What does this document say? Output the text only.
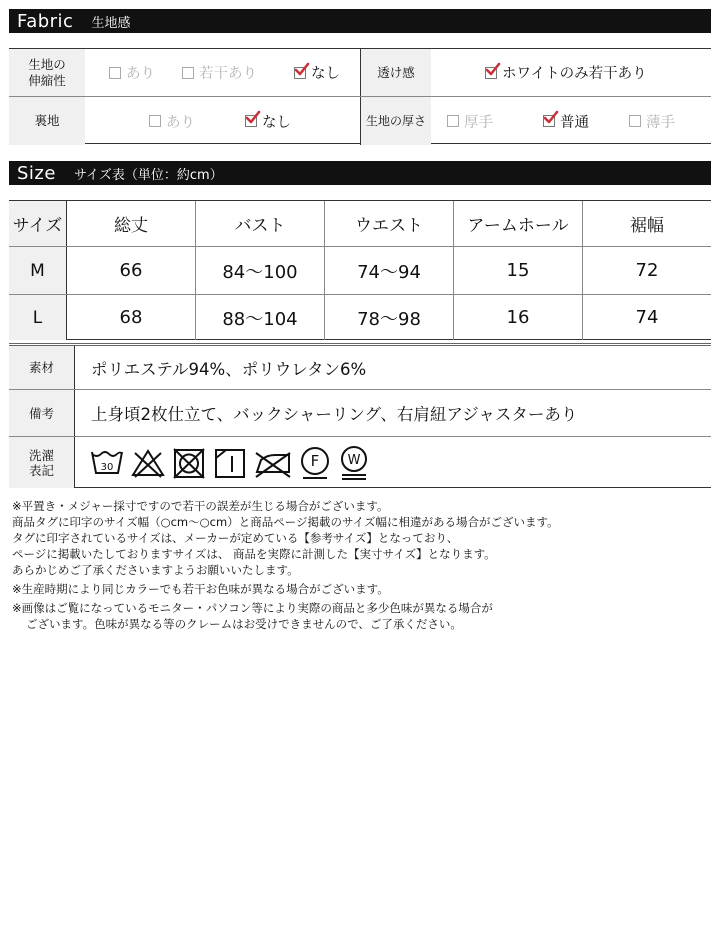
Fabric 生地感
生地の
伸縮性	あり	若干あり	なし	透け感	ホワイトのみ若干あり
裏地	あり	なし	生地の厚さ	厚手	普通	薄手
Size サイズ表（単位：約cm）
サイズ	総丈	バスト	ウエスト	アームホール	裾幅
M	66	84～100	74～94	15	72
L	68	88～104	78～98	16	74
素材	ポリエステル94%、ポリウレタン6%
備考	上身頃2枚仕立て、バックシャーリング、右肩紐アジャスターあり
洗濯
表記	30	F W

※平置き・メジャー採寸ですので若干の誤差が生じる場合がございます。

商品タグに印字のサイズ幅（○cm～○cm）と商品ページ掲載のサイズ幅に相違がある場合がございます。

タグに印字されているサイズは、メーカーが定めている【参考サイズ】となっており、

ページに掲載いたしておりますサイズは、 商品を実際に計測した【実寸サイズ】となります。

あらかじめご了承くださいますようお願いいたします。

※生産時期により同じカラーでも若干お色味が異なる場合がございます。

※画像はご覧になっているモニター・パソコン等により実際の商品と多少色味が異なる場合が

ございます。色味が異なる等のクレームはお受けできませんので、ご了承ください。
